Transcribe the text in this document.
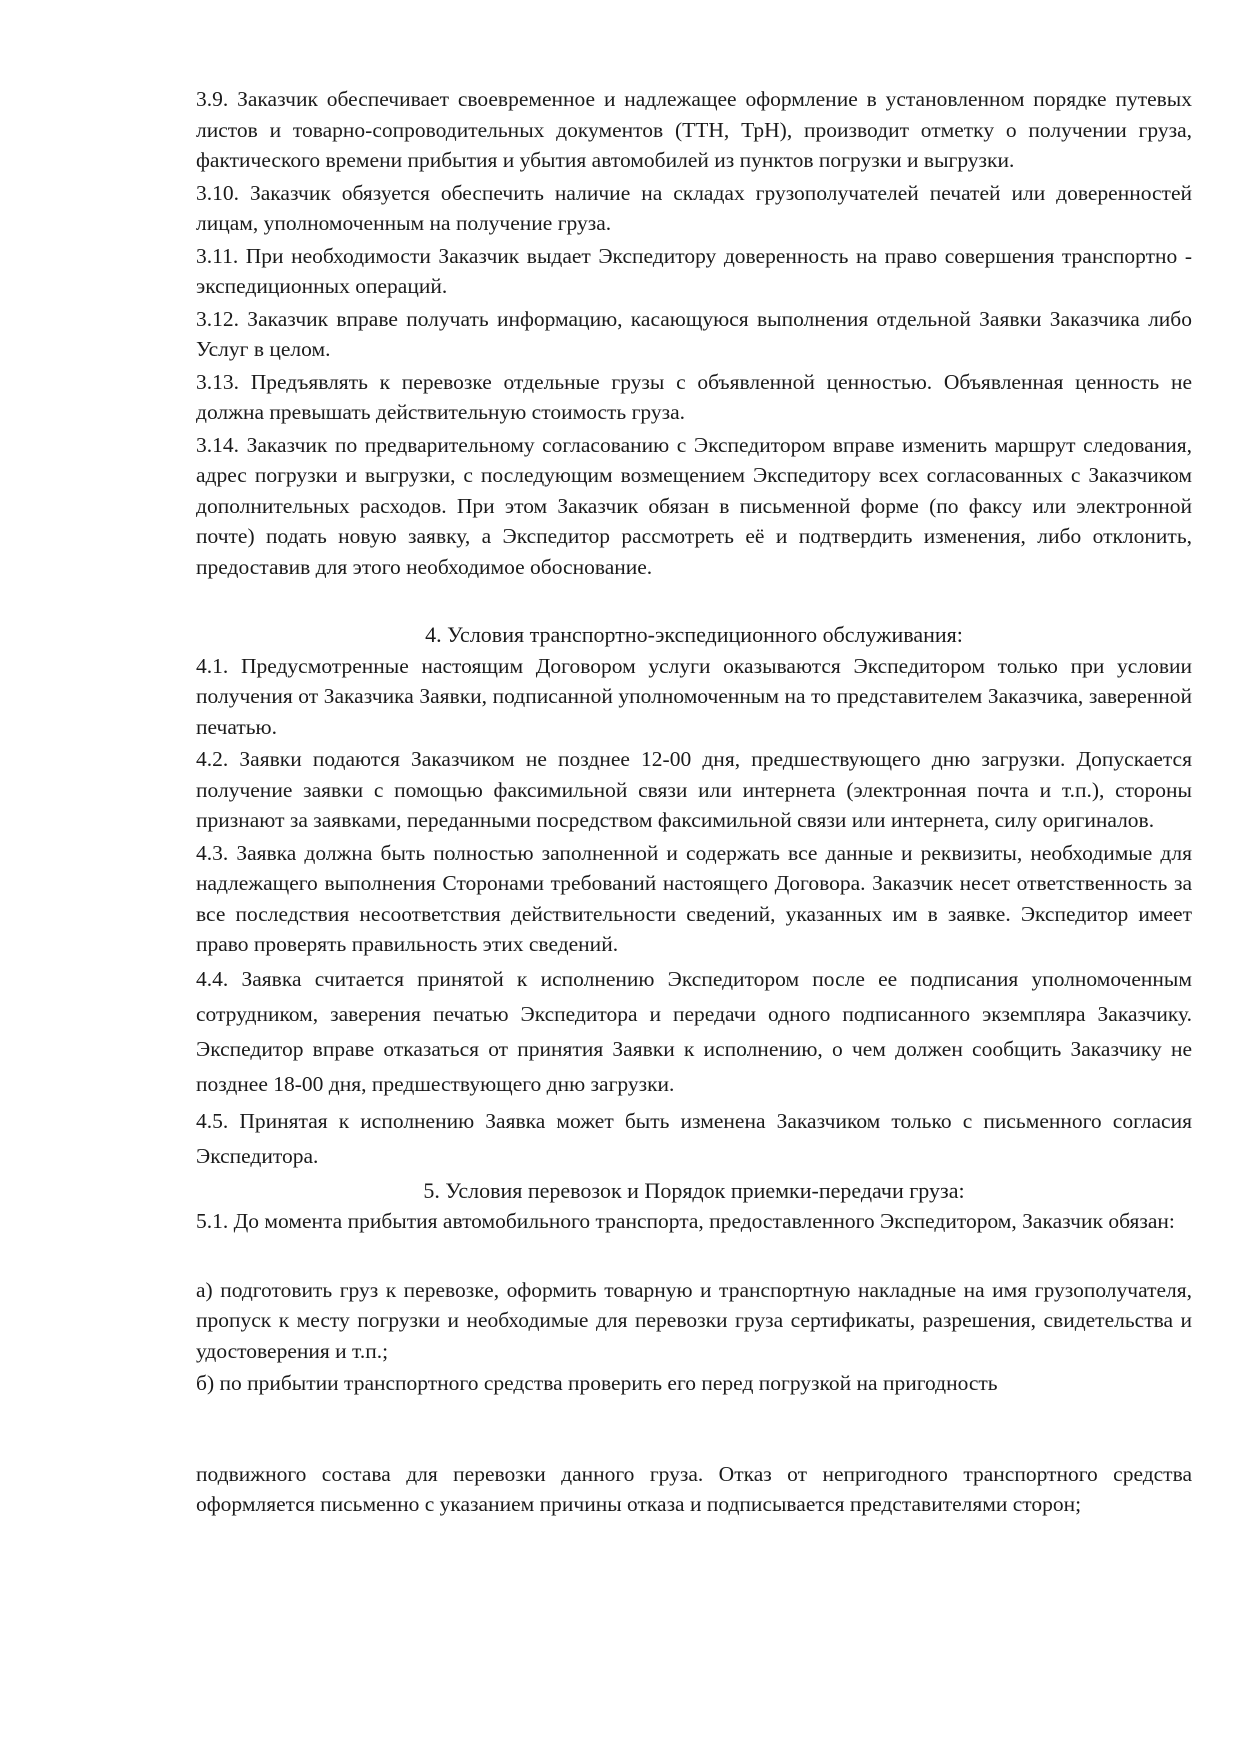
3.9. Заказчик обеспечивает своевременное и надлежащее оформление в установленном порядке путевых листов и товарно-сопроводительных документов (ТТН, ТрН), производит отметку о получении груза, фактического времени прибытия и убытия автомобилей из пунктов погрузки и выгрузки.

3.10. Заказчик обязуется обеспечить наличие на складах грузополучателей печатей или доверенностей лицам, уполномоченным на получение груза.

3.11. При необходимости Заказчик выдает Экспедитору доверенность на право совершения транспортно - экспедиционных операций.

3.12. Заказчик вправе получать информацию, касающуюся выполнения отдельной Заявки Заказчика либо Услуг в целом.

3.13. Предъявлять к перевозке отдельные грузы с объявленной ценностью. Объявленная ценность не должна превышать действительную стоимость груза.

3.14. Заказчик по предварительному согласованию с Экспедитором вправе изменить маршрут следования, адрес погрузки и выгрузки, с последующим возмещением Экспедитору всех согласованных с Заказчиком дополнительных расходов. При этом Заказчик обязан в письменной форме (по факсу или электронной почте) подать новую заявку, а Экспедитор рассмотреть её и подтвердить изменения, либо отклонить, предоставив для этого необходимое обоснование.

4. Условия транспортно-экспедиционного обслуживания:

4.1. Предусмотренные настоящим Договором услуги оказываются Экспедитором только при условии получения от Заказчика Заявки, подписанной уполномоченным на то представителем Заказчика, заверенной печатью.

4.2. Заявки подаются Заказчиком не позднее 12-00 дня, предшествующего дню загрузки. Допускается получение заявки с помощью факсимильной связи или интернета (электронная почта и т.п.), стороны признают за заявками, переданными посредством факсимильной связи или интернета, силу оригиналов.

4.3. Заявка должна быть полностью заполненной и содержать все данные и реквизиты, необходимые для надлежащего выполнения Сторонами требований настоящего Договора. Заказчик несет ответственность за все последствия несоответствия действительности сведений, указанных им в заявке. Экспедитор имеет право проверять правильность этих сведений.

4.4. Заявка считается принятой к исполнению Экспедитором после ее подписания уполномоченным сотрудником, заверения печатью Экспедитора и передачи одного подписанного экземпляра Заказчику. Экспедитор вправе отказаться от принятия Заявки к исполнению, о чем должен сообщить Заказчику не позднее 18-00 дня, предшествующего дню загрузки.

4.5. Принятая к исполнению Заявка может быть изменена Заказчиком только с письменного согласия Экспедитора.

5. Условия перевозок и Порядок приемки-передачи груза:

5.1. До момента прибытия автомобильного транспорта, предоставленного Экспедитором, Заказчик обязан:

а) подготовить груз к перевозке, оформить товарную и транспортную накладные на имя грузополучателя, пропуск к месту погрузки и необходимые для перевозки груза сертификаты, разрешения, свидетельства и удостоверения и т.п.;

б) по прибытии транспортного средства проверить его перед погрузкой на пригодность

подвижного состава для перевозки данного груза. Отказ от непригодного транспортного средства оформляется письменно с указанием причины отказа и подписывается представителями сторон;
